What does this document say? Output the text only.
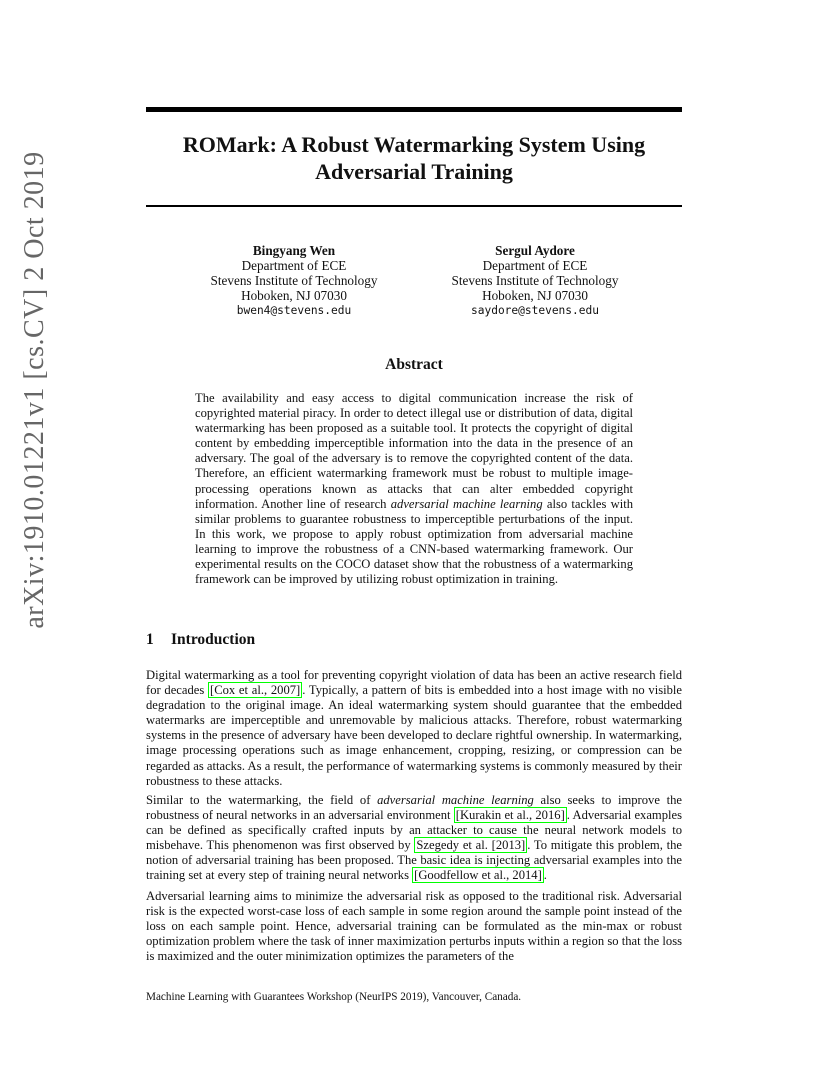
ROMark: A Robust Watermarking System Using Adversarial Training
arXiv:1910.01221v1 [cs.CV] 2 Oct 2019	Bingyang Wen
Department of ECE
Stevens Institute of Technology
Hoboken, NJ 07030
bwen4@stevens.edu
Sergul Aydore
Department of ECE
Stevens Institute of Technology
Hoboken, NJ 07030
saydore@stevens.edu
Abstract

The availability and easy access to digital communication increase the risk of copyrighted material piracy. In order to detect illegal use or distribution of data, digital watermarking has been proposed as a suitable tool. It protects the copyright of digital content by embedding imperceptible information into the data in the presence of an adversary. The goal of the adversary is to remove the copyrighted content of the data. Therefore, an efficient watermarking framework must be robust to multiple image-processing operations known as attacks that can alter embedded copyright information. Another line of research adversarial machine learning also tackles with similar problems to guarantee robustness to imperceptible perturbations of the input. In this work, we propose to apply robust optimization from adversarial machine learning to improve the robustness of a CNN-based watermarking framework. Our experimental results on the COCO dataset show that the robustness of a watermarking framework can be improved by utilizing robust optimization in training.

1 Introduction

Digital watermarking as a tool for preventing copyright violation of data has been an active research field for decades [Cox et al., 2007] . Typically, a pattern of bits is embedded into a host image with no visible degradation to the original image. An ideal watermarking system should guarantee that the embedded watermarks are imperceptible and unremovable by malicious attacks. Therefore, robust watermarking systems in the presence of adversary have been developed to declare rightful ownership. In watermarking, image processing operations such as image enhancement, cropping, resizing, or compression can be regarded as attacks. As a result, the performance of watermarking systems is commonly measured by their robustness to these attacks.

Similar to the watermarking, the field of adversarial machine learning also seeks to improve the robustness of neural networks in an adversarial environment [Kurakin et al., 2016] . Adversarial examples can be defined as specifically crafted inputs by an attacker to cause the neural network models to misbehave. This phenomenon was first observed by Szegedy et al. [2013] . To mitigate this problem, the notion of adversarial training has been proposed. The basic idea is injecting adversarial examples into the training set at every step of training neural networks [Goodfellow et al., 2014] .

Adversarial learning aims to minimize the adversarial risk as opposed to the traditional risk. Adversarial risk is the expected worst-case loss of each sample in some region around the sample point instead of the loss on each sample point. Hence, adversarial training can be formulated as the min-max or robust optimization problem where the task of inner maximization perturbs inputs within a region so that the loss is maximized and the outer minimization optimizes the parameters of the

Machine Learning with Guarantees Workshop (NeurIPS 2019), Vancouver, Canada.
